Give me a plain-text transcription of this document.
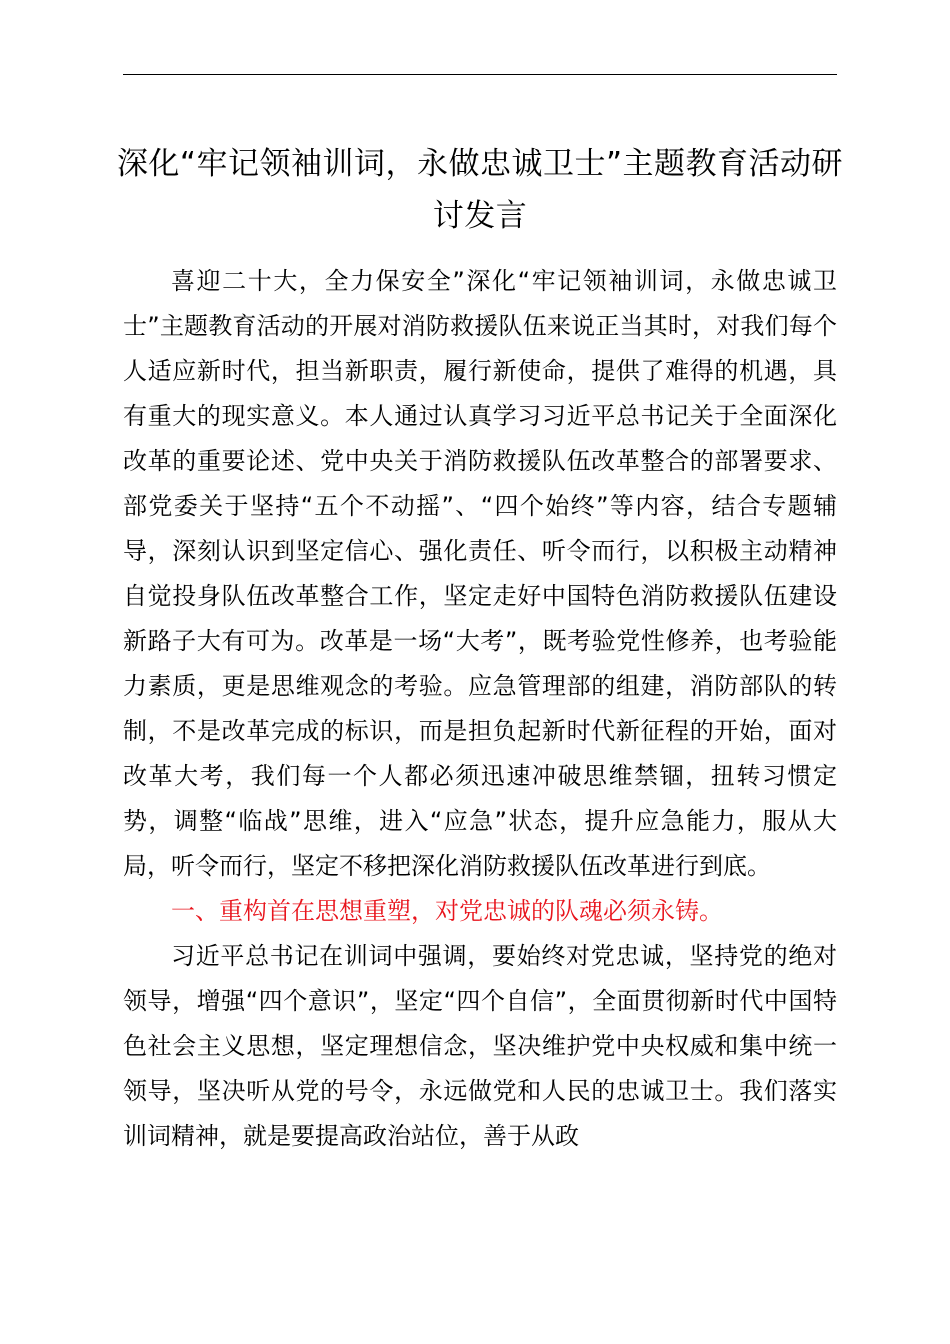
深化“牢记领袖训词，永做忠诚卫士”主题教育活动研讨发言

喜迎二十大，全力保安全”深化“牢记领袖训词，永做忠诚卫士”主题教育活动的开展对消防救援队伍来说正当其时，对我们每个人适应新时代，担当新职责，履行新使命，提供了难得的机遇，具有重大的现实意义。本人通过认真学习习近平总书记关于全面深化改革的重要论述、党中央关于消防救援队伍改革整合的部署要求、部党委关于坚持“五个不动摇”、“四个始终”等内容，结合专题辅导，深刻认识到坚定信心、强化责任、听令而行，以积极主动精神自觉投身队伍改革整合工作，坚定走好中国特色消防救援队伍建设新路子大有可为。改革是一场“大考”，既考验党性修养，也考验能力素质，更是思维观念的考验。应急管理部的组建，消防部队的转制，不是改革完成的标识，而是担负起新时代新征程的开始，面对改革大考，我们每一个人都必须迅速冲破思维禁锢，扭转习惯定势，调整“临战”思维，进入“应急”状态，提升应急能力，服从大局，听令而行，坚定不移把深化消防救援队伍改革进行到底。

一、重构首在思想重塑，对党忠诚的队魂必须永铸。

习近平总书记在训词中强调，要始终对党忠诚，坚持党的绝对领导，增强“四个意识”，坚定“四个自信”，全面贯彻新时代中国特色社会主义思想，坚定理想信念，坚决维护党中央权威和集中统一领导，坚决听从党的号令，永远做党和人民的忠诚卫士。我们落实训词精神，就是要提高政治站位，善于从政
